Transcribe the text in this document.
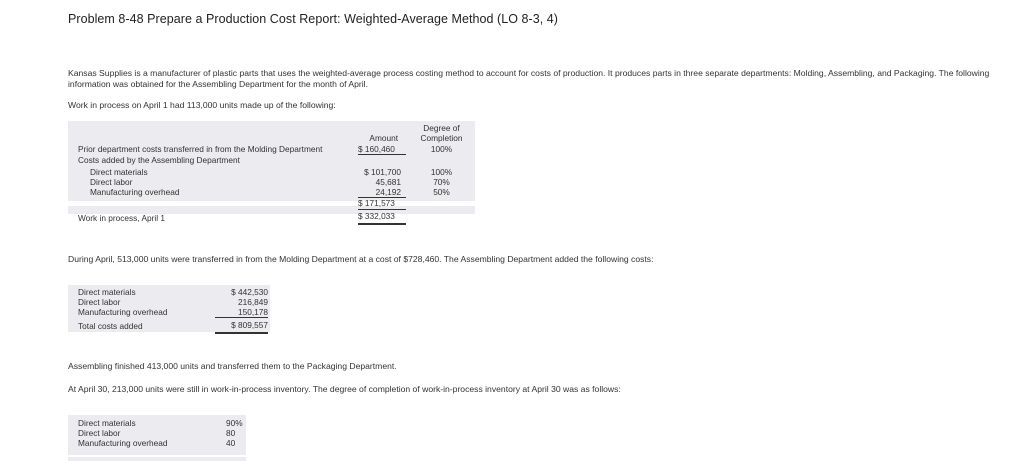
Problem 8-48 Prepare a Production Cost Report: Weighted-Average Method (LO 8-3, 4)
Kansas Supplies is a manufacturer of plastic parts that uses the weighted-average process costing method to account for costs of production. It produces parts in three separate departments: Molding, Assembling, and Packaging. The following information was obtained for the Assembling Department for the month of April.
Work in process on April 1 had 113,000 units made up of the following:
Amount
Degree of
Completion
Prior department costs transferred in from the Molding Department	$ 160,460	100%
Costs added by the Assembling Department
Direct materials	$ 101,700	100%
Direct labor	45,681	70%
Manufacturing overhead	24,192	50%
$ 171,573
Work in process, April 1	$ 332,033
During April, 513,000 units were transferred in from the Molding Department at a cost of $728,460. The Assembling Department added the following costs:
Direct materials	$ 442,530
Direct labor	216,849
Manufacturing overhead	150,178
Total costs added	$ 809,557
Assembling finished 413,000 units and transferred them to the Packaging Department.
At April 30, 213,000 units were still in work-in-process inventory. The degree of completion of work-in-process inventory at April 30 was as follows:
Direct materials	90%
Direct labor	80
Manufacturing overhead	40
